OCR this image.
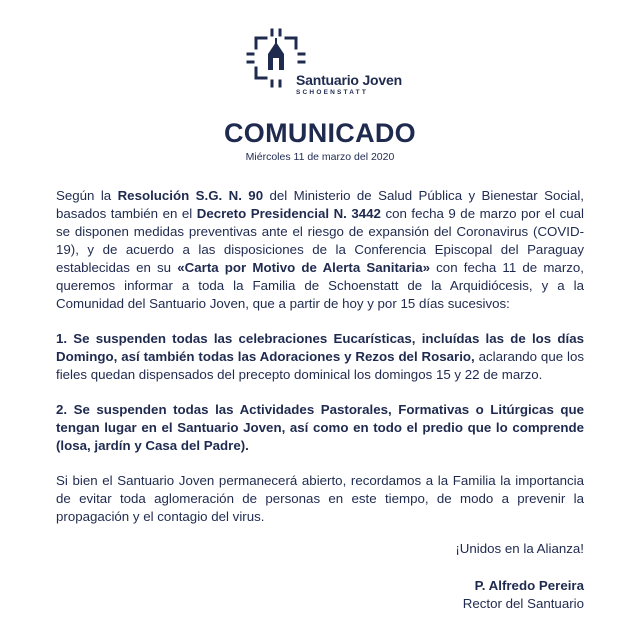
Santuario Joven
SCHOENSTATT
COMUNICADO
Miércoles 11 de marzo del 2020

Según la Resolución S.G. N. 90 del Ministerio de Salud Pública y Bienestar Social, basados también en el Decreto Presidencial N. 3442 con fecha 9 de marzo por el cual se disponen medidas preventivas ante el riesgo de expansión del Coronavirus (COVID-19), y de acuerdo a las disposiciones de la Conferencia Episcopal del Paraguay establecidas en su «Carta por Motivo de Alerta Sanitaria» con fecha 11 de marzo, queremos informar a toda la Familia de Schoenstatt de la Arquidiócesis, y a la Comunidad del Santuario Joven, que a partir de hoy y por 15 días sucesivos:

1. Se suspenden todas las celebraciones Eucarísticas, incluídas las de los días Domingo, así también todas las Adoraciones y Rezos del Rosario, aclarando que los fieles quedan dispensados del precepto dominical los domingos 15 y 22 de marzo.

2. Se suspenden todas las Actividades Pastorales, Formativas o Litúrgicas que tengan lugar en el Santuario Joven, así como en todo el predio que lo comprende (losa, jardín y Casa del Padre).

Si bien el Santuario Joven permanecerá abierto, recordamos a la Familia la importancia de evitar toda aglomeración de personas en este tiempo, de modo a prevenir la propagación y el contagio del virus.

¡Unidos en la Alianza!
P. Alfredo Pereira
Rector del Santuario
